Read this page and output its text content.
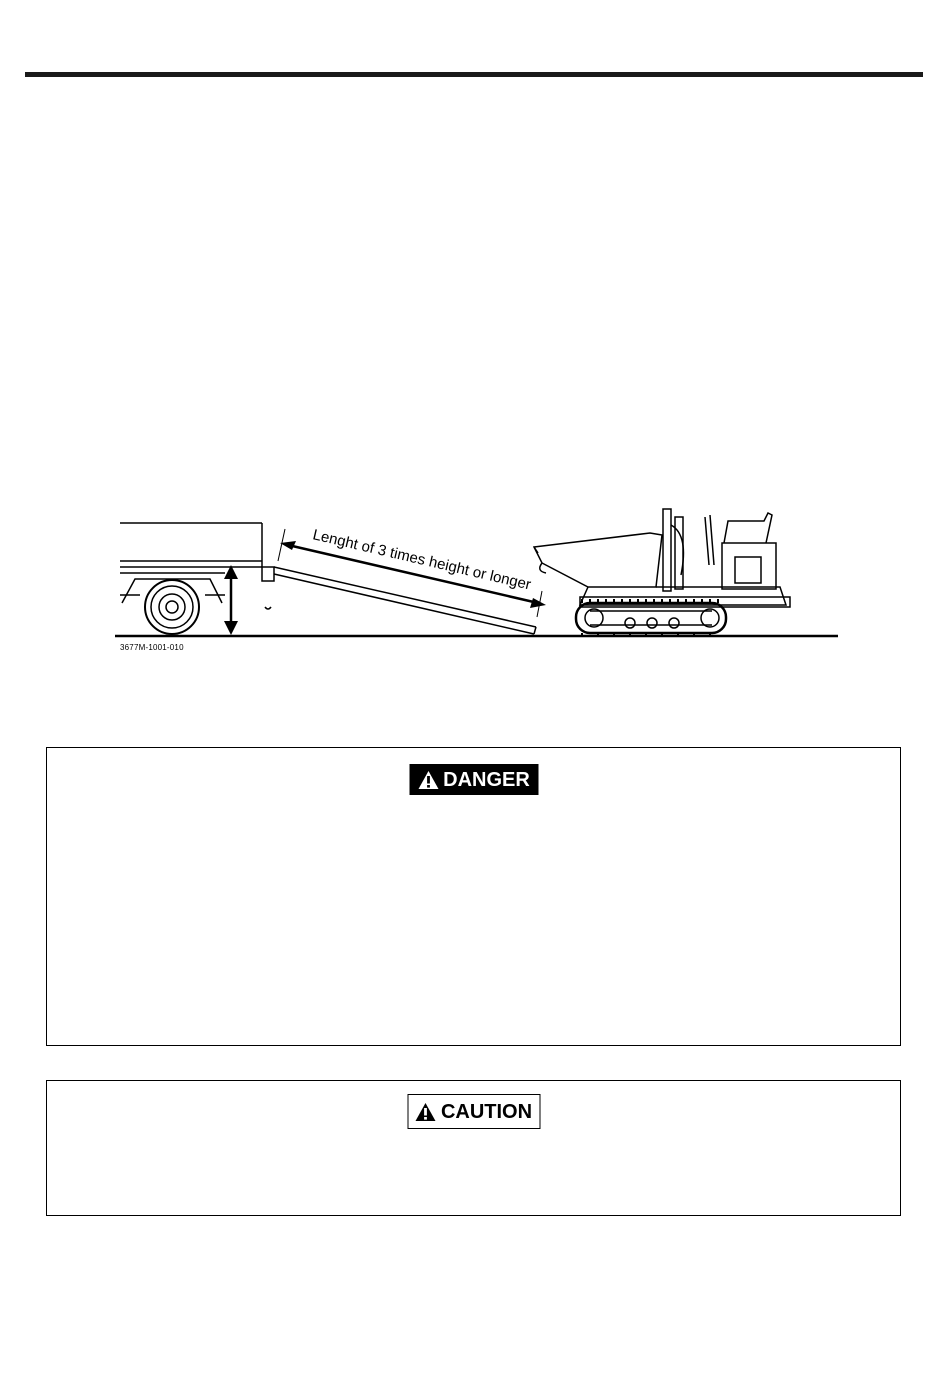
Lenght of 3 times height or longer
3677M-1001-010
DANGER
CAUTION
